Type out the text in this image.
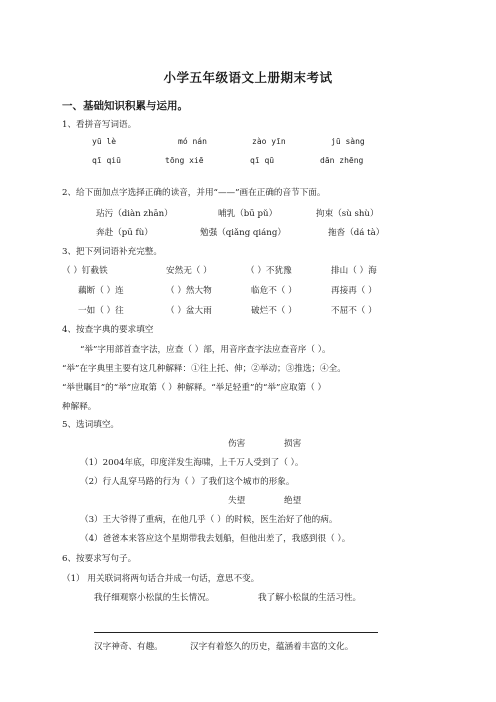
小学五年级语文上册期末考试
一、基础知识积累与运用。
1、看拼音写词语。
yū lè	mó nán	zào yīn	jū sàng
qī qiū	tōng xiē	qī qū	dān zhēng
2、给下面加点字选择正确的读音，并用“——”画在正确的音节下面。
玷污（diàn zhān）	哺乳（bū pǔ）	拘束（sù shù）
奔赴（pū fù）	勉强（qiǎng qiáng）	拖沓（dá tà）
3、把下列词语补充完整。
（ ）钉截铁	安然无（ ）	（ ）不犹豫	排山（ ）海
藕断（ ）连	（ ）然大物	临危不（ ）	再接再（ ）
一如（ ）往	（ ）盆大雨	破烂不（ ）	不屈不（ ）
4、按查字典的要求填空
“举”字用部首查字法，应查（ ）部，用音序查字法应查音序（ ）。
“举”在字典里主要有这几种解释：①往上托、伸；②举动；③推选；④全。
“举世瞩目”的“举”应取第（ ）种解释。“举足轻重”的“举”应取第（ ）
种解释。
5、选词填空。
伤害	损害
（1）2004年底，印度洋发生海啸，上千万人受到了（ ）。
（2）行人乱穿马路的行为（ ）了我们这个城市的形象。
失望	绝望
（3）王大爷得了重病，在他几乎（ ）的时候，医生治好了他的病。
（4）爸爸本来答应这个星期带我去划船，但他出差了，我感到很（ ）。
6、按要求写句子。
（1） 用关联词将两句话合并成一句话，意思不变。
我仔细观察小松鼠的生长情况。	我了解小松鼠的生活习性。
汉字神奇、有趣。	汉字有着悠久的历史，蕴涵着丰富的文化。
